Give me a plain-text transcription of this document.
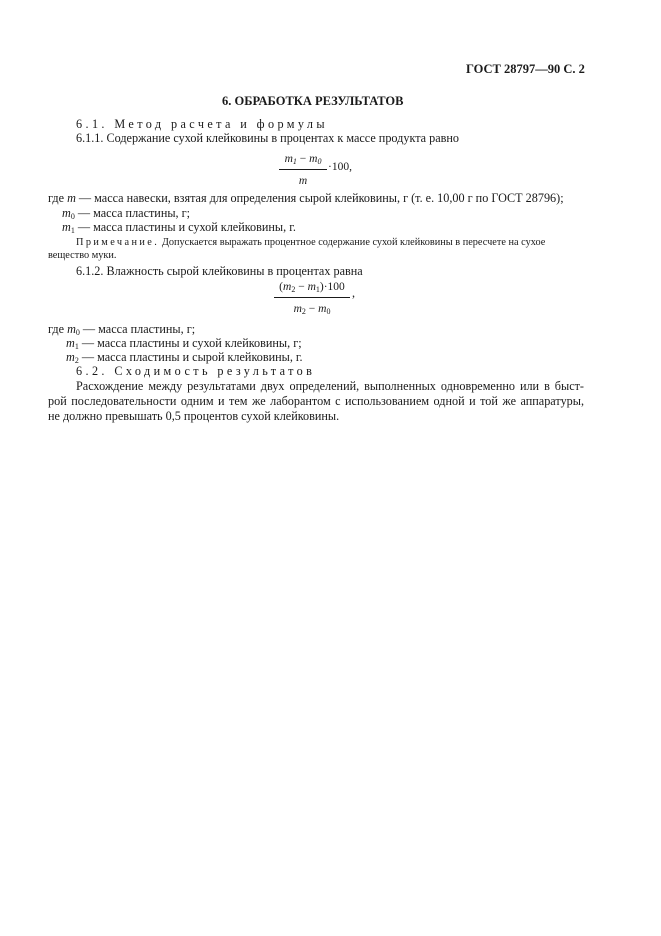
ГОСТ 28797—90 С. 2
6. ОБРАБОТКА РЕЗУЛЬТАТОВ
6.1. Метод расчета и формулы
6.1.1. Содержание сухой клейковины в процентах к массе продукта равно
$m_1 - m_0$
m
·100,
где m — масса навески, взятая для определения сырой клейковины, г (т. е. 10,00 г по ГОСТ 28796);
$m_0$ — масса пластины, г;
$m_1$ — масса пластины и сухой клейковины, г.
Примечание. Допускается выражать процентное содержание сухой клейковины в пересчете на сухое
вещество муки.
6.1.2. Влажность сырой клейковины в процентах равна
$(m_2 - m_1)\cdot 100$
$m_2 - m_0$
,
где $m_0$ — масса пластины, г;
$m_1$ — масса пластины и сухой клейковины, г;
$m_2$ — масса пластины и сырой клейковины, г.
6.2. Сходимость результатов
Расхождение между результатами двух определений, выполненных одновременно или в быст-
рой последовательности одним и тем же лаборантом с использованием одной и той же аппаратуры,
не должно превышать 0,5 процентов сухой клейковины.
